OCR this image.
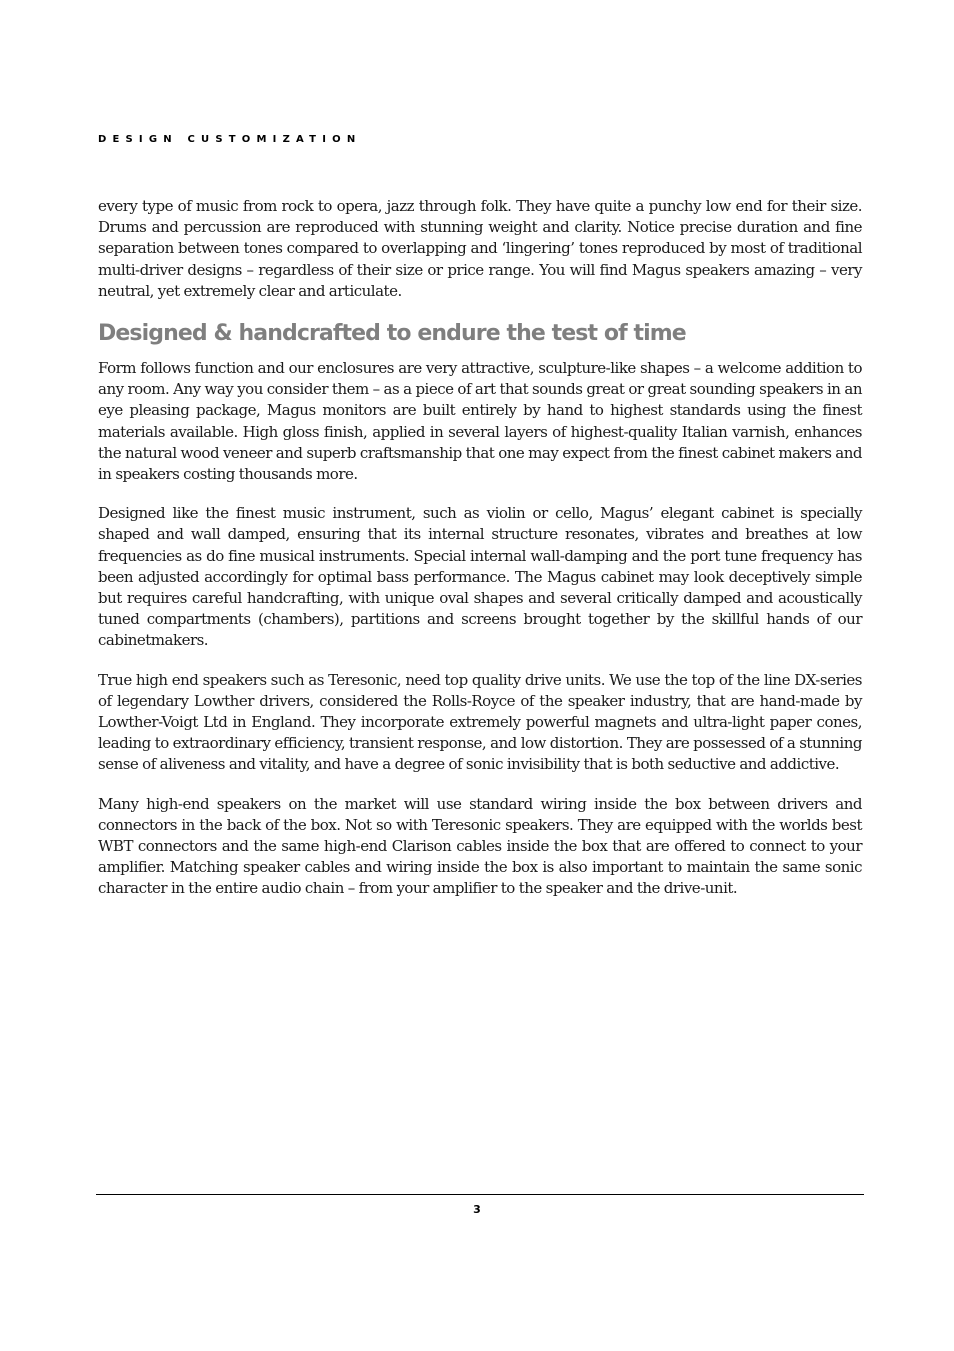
DESIGN CUSTOMIZATION

every type of music from rock to opera, jazz through folk. They have quite a punchy low end for their size. Drums and percussion are reproduced with stunning weight and clarity. Notice precise duration and fine separation between tones compared to overlapping and ‘lingering’ tones reproduced by most of traditional multi-driver designs – regardless of their size or price range. You will find Magus speakers amazing – very neutral, yet extremely clear and articulate.

Designed & handcrafted to endure the test of time

Form follows function and our enclosures are very attractive, sculpture-like shapes – a welcome addition to any room. Any way you consider them – as a piece of art that sounds great or great sounding speakers in an eye pleasing package, Magus monitors are built entirely by hand to highest standards using the finest materials available. High gloss finish, applied in several layers of highest-quality Italian varnish, enhances the natural wood veneer and superb craftsmanship that one may expect from the finest cabinet makers and in speakers costing thousands more.

Designed like the finest music instrument, such as violin or cello, Magus’ elegant cabinet is specially shaped and wall damped, ensuring that its internal structure resonates, vibrates and breathes at low frequencies as do fine musical instruments. Special internal wall-damping and the port tune frequency has been adjusted accordingly for optimal bass performance. The Magus cabinet may look deceptively simple but requires careful handcrafting, with unique oval shapes and several critically damped and acoustically tuned compartments (chambers), partitions and screens brought together by the skillful hands of our cabinetmakers.

True high end speakers such as Teresonic, need top quality drive units. We use the top of the line DX-series of legendary Lowther drivers, considered the Rolls-Royce of the speaker industry, that are hand-made by Lowther-Voigt Ltd in England. They incorporate extremely powerful magnets and ultra-light paper cones, leading to extraordinary efficiency, transient response, and low distortion. They are possessed of a stunning sense of aliveness and vitality, and have a degree of sonic invisibility that is both seductive and addictive.

Many high-end speakers on the market will use standard wiring inside the box between drivers and connectors in the back of the box. Not so with Teresonic speakers. They are equipped with the worlds best WBT connectors and the same high-end Clarison cables inside the box that are offered to connect to your amplifier. Matching speaker cables and wiring inside the box is also important to maintain the same sonic character in the entire audio chain – from your amplifier to the speaker and the drive-unit.

3
